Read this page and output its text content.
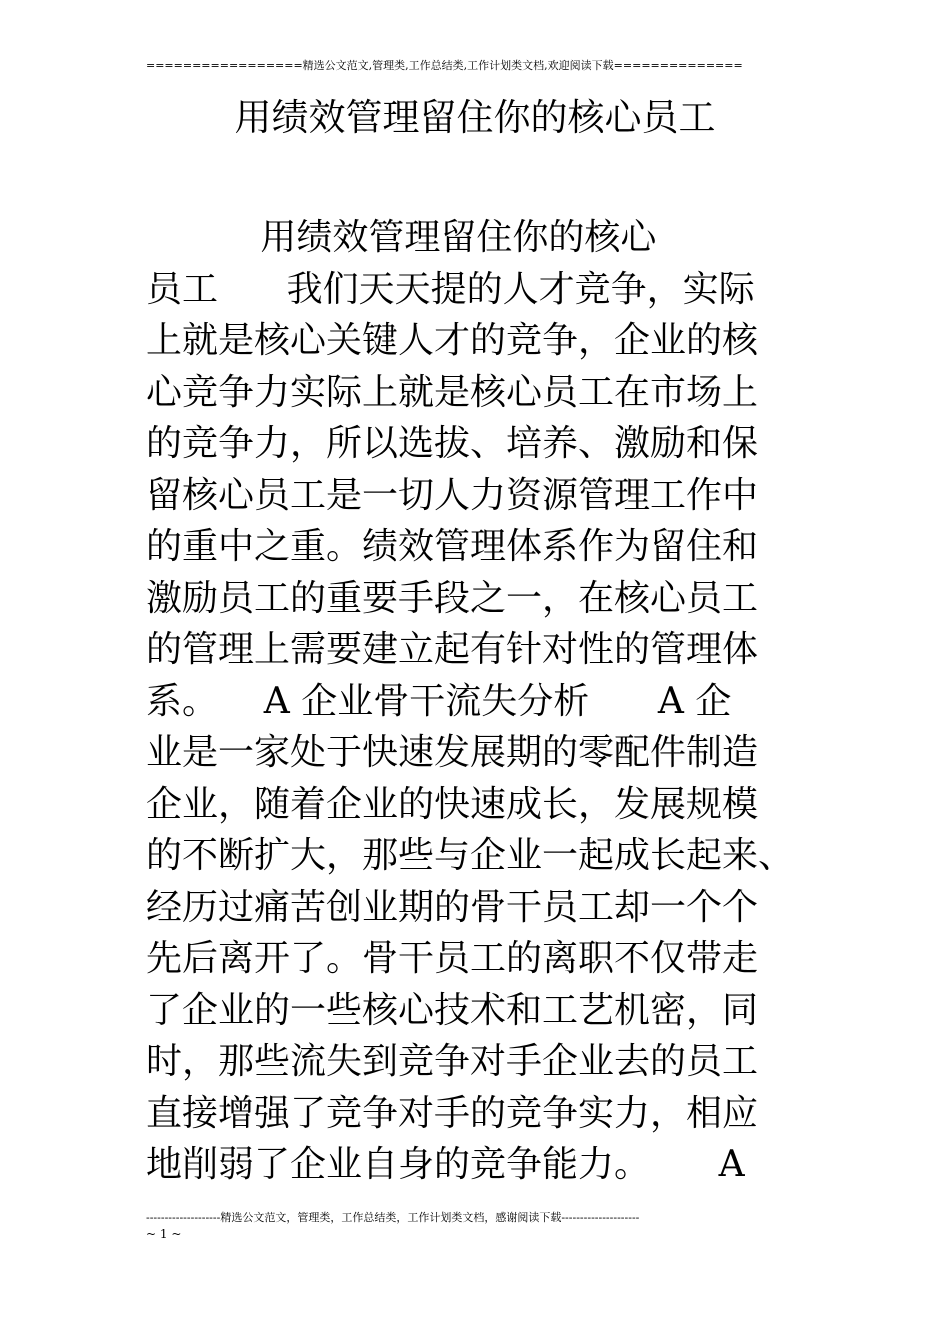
=================精选公文范文,管理类,工作总结类,工作计划类文档,欢迎阅读下载==============
用绩效管理留住你的核心员工
用绩效管理留住你的核心
员工      我们天天提的人才竞争，实际
上就是核心关键人才的竞争，企业的核
心竞争力实际上就是核心员工在市场上
的竞争力，所以选拔、培养、激励和保
留核心员工是一切人力资源管理工作中
的重中之重。绩效管理体系作为留住和
激励员工的重要手段之一，在核心员工
的管理上需要建立起有针对性的管理体
系。    A 企业骨干流失分析      A 企
业是一家处于快速发展期的零配件制造
企业，随着企业的快速成长，发展规模
的不断扩大，那些与企业一起成长起来、
经历过痛苦创业期的骨干员工却一个个
先后离开了。骨干员工的离职不仅带走
了企业的一些核心技术和工艺机密，同
时，那些流失到竞争对手企业去的员工
直接增强了竞争对手的竞争实力，相应
地削弱了企业自身的竞争能力。      A
--------------------精选公文范文，管理类，工作总结类，工作计划类文档，感谢阅读下载---------------------
~ 1 ~
